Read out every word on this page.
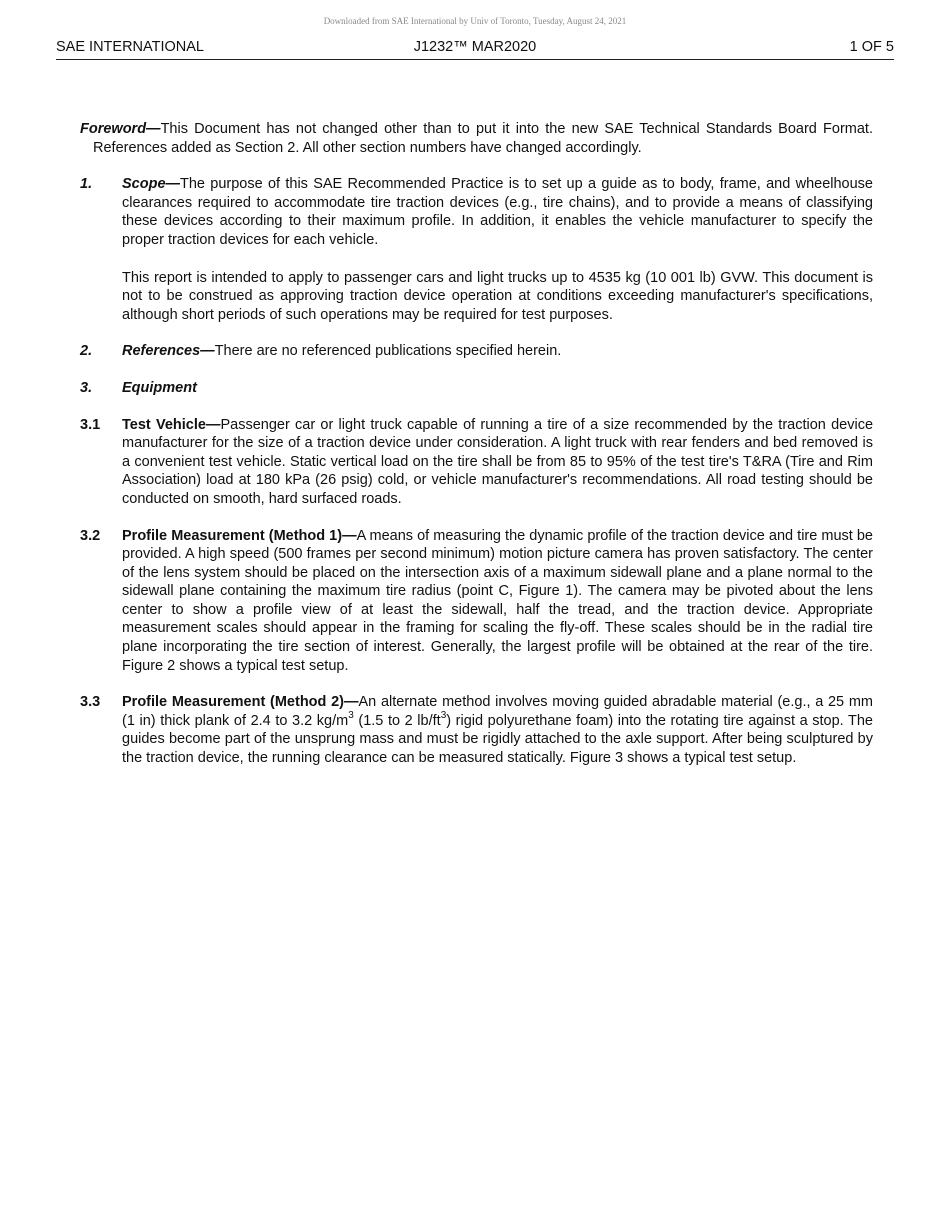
Downloaded from SAE International by Univ of Toronto, Tuesday, August 24, 2021
SAE INTERNATIONAL	J1232™ MAR2020	1 OF 5

Foreword—This Document has not changed other than to put it into the new SAE Technical Standards Board Format. References added as Section 2. All other section numbers have changed accordingly.

1. Scope—The purpose of this SAE Recommended Practice is to set up a guide as to body, frame, and wheelhouse clearances required to accommodate tire traction devices (e.g., tire chains), and to provide a means of classifying these devices according to their maximum profile. In addition, it enables the vehicle manufacturer to specify the proper traction devices for each vehicle.

This report is intended to apply to passenger cars and light trucks up to 4535 kg (10 001 lb) GVW. This document is not to be construed as approving traction device operation at conditions exceeding manufacturer's specifications, although short periods of such operations may be required for test purposes.

2. References—There are no referenced publications specified herein.

3. Equipment

3.1 Test Vehicle—Passenger car or light truck capable of running a tire of a size recommended by the traction device manufacturer for the size of a traction device under consideration. A light truck with rear fenders and bed removed is a convenient test vehicle. Static vertical load on the tire shall be from 85 to 95% of the test tire's T&RA (Tire and Rim Association) load at 180 kPa (26 psig) cold, or vehicle manufacturer's recommendations. All road testing should be conducted on smooth, hard surfaced roads.

3.2 Profile Measurement (Method 1)—A means of measuring the dynamic profile of the traction device and tire must be provided. A high speed (500 frames per second minimum) motion picture camera has proven satisfactory. The center of the lens system should be placed on the intersection axis of a maximum sidewall plane and a plane normal to the sidewall plane containing the maximum tire radius (point C, Figure 1). The camera may be pivoted about the lens center to show a profile view of at least the sidewall, half the tread, and the traction device. Appropriate measurement scales should appear in the framing for scaling the fly-off. These scales should be in the radial tire plane incorporating the tire section of interest. Generally, the largest profile will be obtained at the rear of the tire. Figure 2 shows a typical test setup.

3.3 Profile Measurement (Method 2)—An alternate method involves moving guided abradable material (e.g., a 25 mm (1 in) thick plank of 2.4 to 3.2 $kg/m^3$ (1.5 to 2 $lb/ft^3$) rigid polyurethane foam) into the rotating tire against a stop. The guides become part of the unsprung mass and must be rigidly attached to the axle support. After being sculptured by the traction device, the running clearance can be measured statically. Figure 3 shows a typical test setup.
